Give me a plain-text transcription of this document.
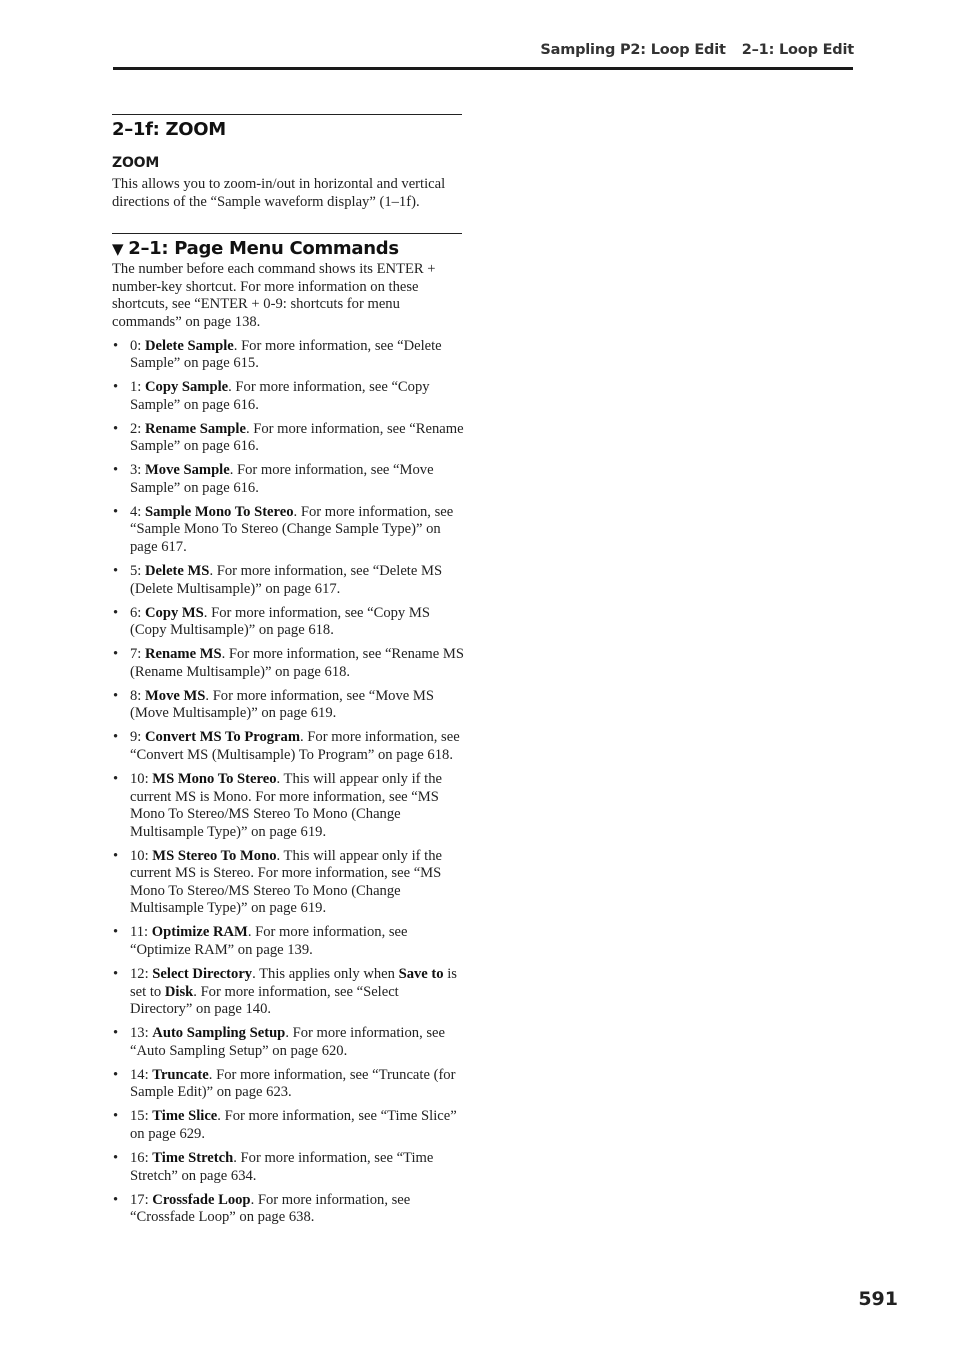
Sampling P2: Loop Edit 2–1: Loop Edit
2–1f: ZOOM
ZOOM

This allows you to zoom-in/out in horizontal and vertical directions of the “Sample waveform display” (1–1f).

▼ 2–1: Page Menu Commands

The number before each command shows its ENTER + number-key shortcut. For more information on these shortcuts, see “ENTER + 0-9: shortcuts for menu commands” on page 138.

• 0: Delete Sample. For more information, see “Delete Sample” on page 615.
• 1: Copy Sample. For more information, see “Copy Sample” on page 616.
• 2: Rename Sample. For more information, see “Rename Sample” on page 616.
• 3: Move Sample. For more information, see “Move Sample” on page 616.
• 4: Sample Mono To Stereo. For more information, see “Sample Mono To Stereo (Change Sample Type)” on page 617.
• 5: Delete MS. For more information, see “Delete MS (Delete Multisample)” on page 617.
• 6: Copy MS. For more information, see “Copy MS (Copy Multisample)” on page 618.
• 7: Rename MS. For more information, see “Rename MS (Rename Multisample)” on page 618.
• 8: Move MS. For more information, see “Move MS (Move Multisample)” on page 619.
• 9: Convert MS To Program. For more information, see “Convert MS (Multisample) To Program” on page 618.
• 10: MS Mono To Stereo. This will appear only if the current MS is Mono. For more information, see “MS Mono To Stereo/MS Stereo To Mono (Change Multisample Type)” on page 619.
• 10: MS Stereo To Mono. This will appear only if the current MS is Stereo. For more information, see “MS Mono To Stereo/MS Stereo To Mono (Change Multisample Type)” on page 619.
• 11: Optimize RAM. For more information, see “Optimize RAM” on page 139.
• 12: Select Directory. This applies only when Save to is set to Disk. For more information, see “Select Directory” on page 140.
• 13: Auto Sampling Setup. For more information, see “Auto Sampling Setup” on page 620.
• 14: Truncate. For more information, see “Truncate (for Sample Edit)” on page 623.
• 15: Time Slice. For more information, see “Time Slice” on page 629.
• 16: Time Stretch. For more information, see “Time Stretch” on page 634.
• 17: Crossfade Loop. For more information, see “Crossfade Loop” on page 638.
591
